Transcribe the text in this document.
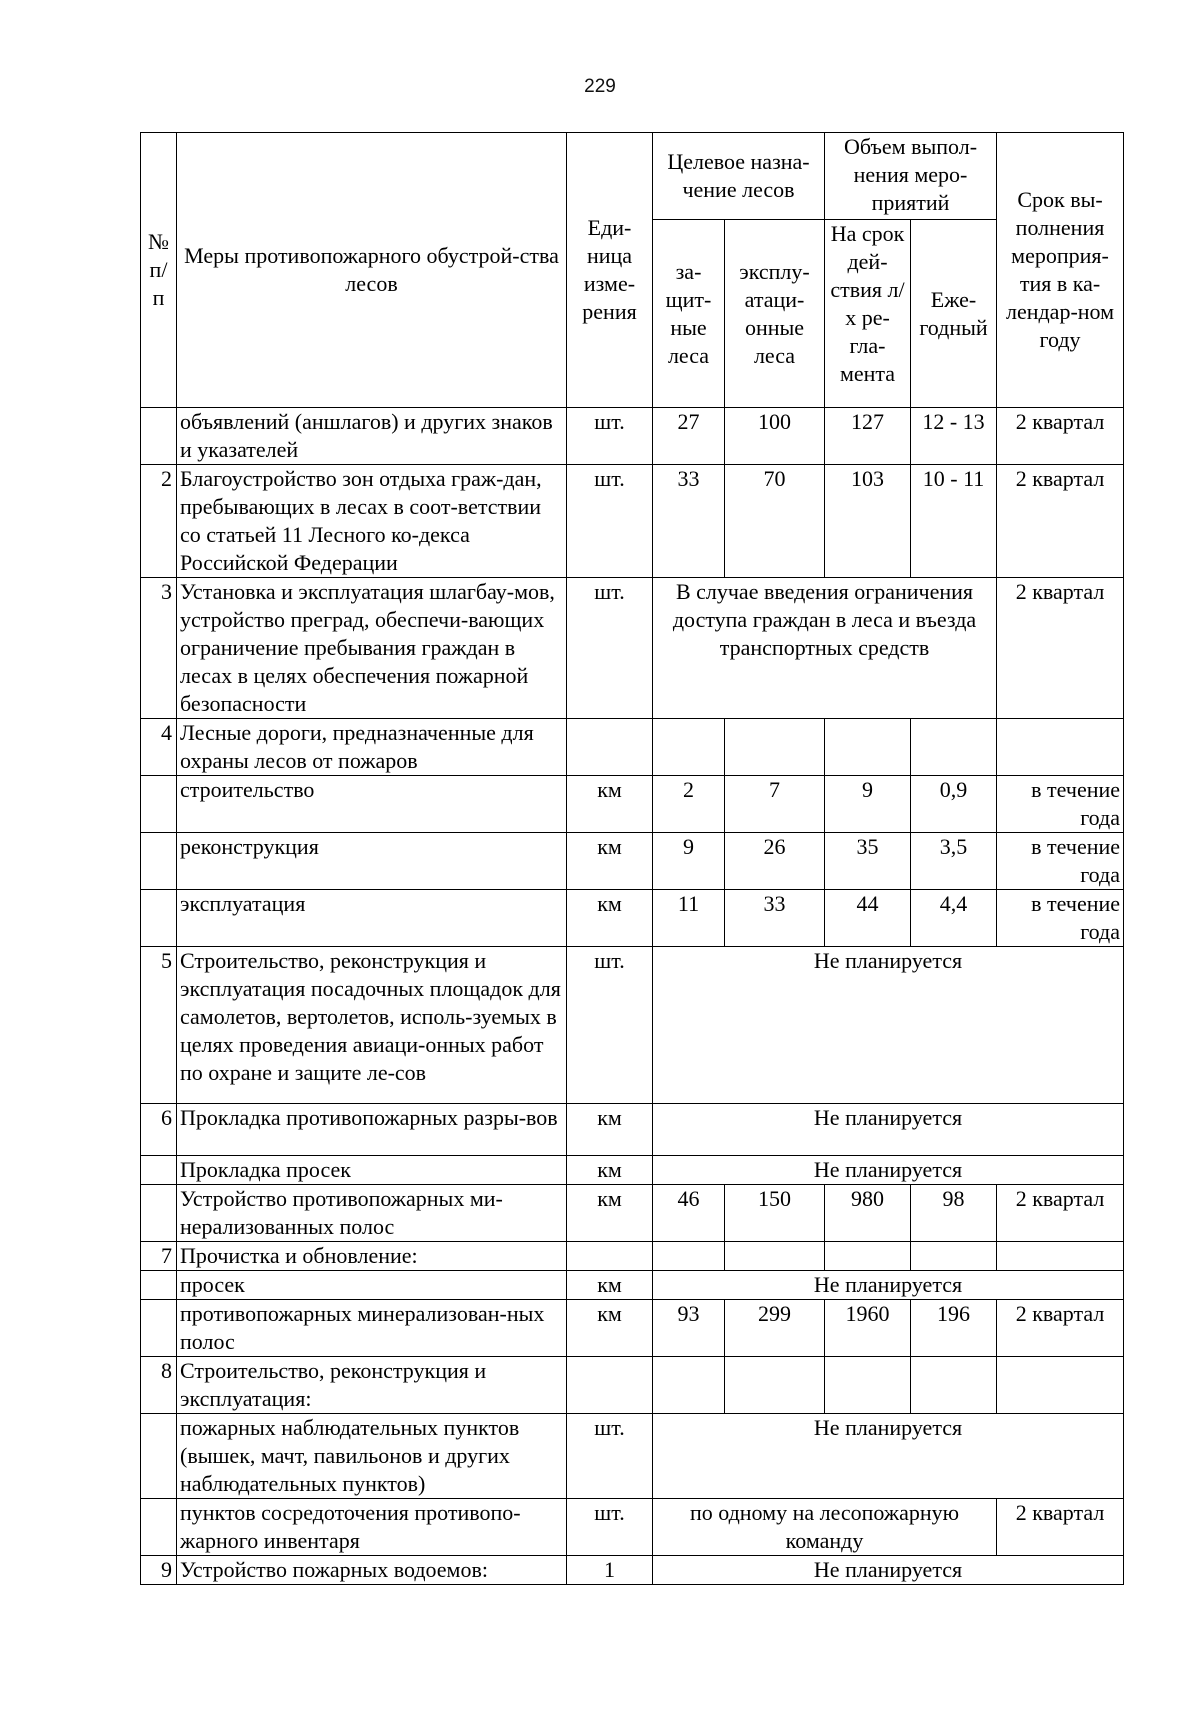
229
№ п/п	Меры противопожарного обустрой-ства лесов	Еди-ница изме-рения	Целевое назна-чение лесов		Объем выпол-нения меро-приятий		Срок вы-полнения мероприя-тия в ка-лендар-ном году
			за-щит-ные леса	эксплу-атаци-онные леса	На срок дей-ствия л/х ре-гла-мента	Еже-годный	
	объявлений (аншлагов) и других знаков и указателей	шт.	27	100	127	12 - 13	2 квартал
2	Благоустройство зон отдыха граж-дан, пребывающих в лесах в соот-ветствии со статьей 11 Лесного ко-декса Российской Федерации	шт.	33	70	103	10 - 11	2 квартал
3	Установка и эксплуатация шлагбау-мов, устройство преград, обеспечи-вающих ограничение пребывания граждан в лесах в целях обеспечения пожарной безопасности	шт.	В случае введения ограничения доступа граждан в леса и въезда транспортных средств				2 квартал
4	Лесные дороги, предназначенные для охраны лесов от пожаров						
	строительство	км	2	7	9	0,9	в течение года
	реконструкция	км	9	26	35	3,5	в течение года
	эксплуатация	км	11	33	44	4,4	в течение года
5	Строительство, реконструкция и эксплуатация посадочных площадок для самолетов, вертолетов, исполь-зуемых в целях проведения авиаци-онных работ по охране и защите ле-сов	шт.	Не планируется				
6	Прокладка противопожарных разры-вов	км	Не планируется				
	Прокладка просек	км	Не планируется				
	Устройство противопожарных ми-нерализованных полос	км	46	150	980	98	2 квартал
7	Прочистка и обновление:						
	просек	км	Не планируется				
	противопожарных минерализован-ных полос	км	93	299	1960	196	2 квартал
8	Строительство, реконструкция и эксплуатация:						
	пожарных наблюдательных пунктов (вышек, мачт, павильонов и других наблюдательных пунктов)	шт.	Не планируется				
	пунктов сосредоточения противопо-жарного инвентаря	шт.	по одному на лесопожарную команду				2 квартал
9	Устройство пожарных водоемов:	1	Не планируется				
